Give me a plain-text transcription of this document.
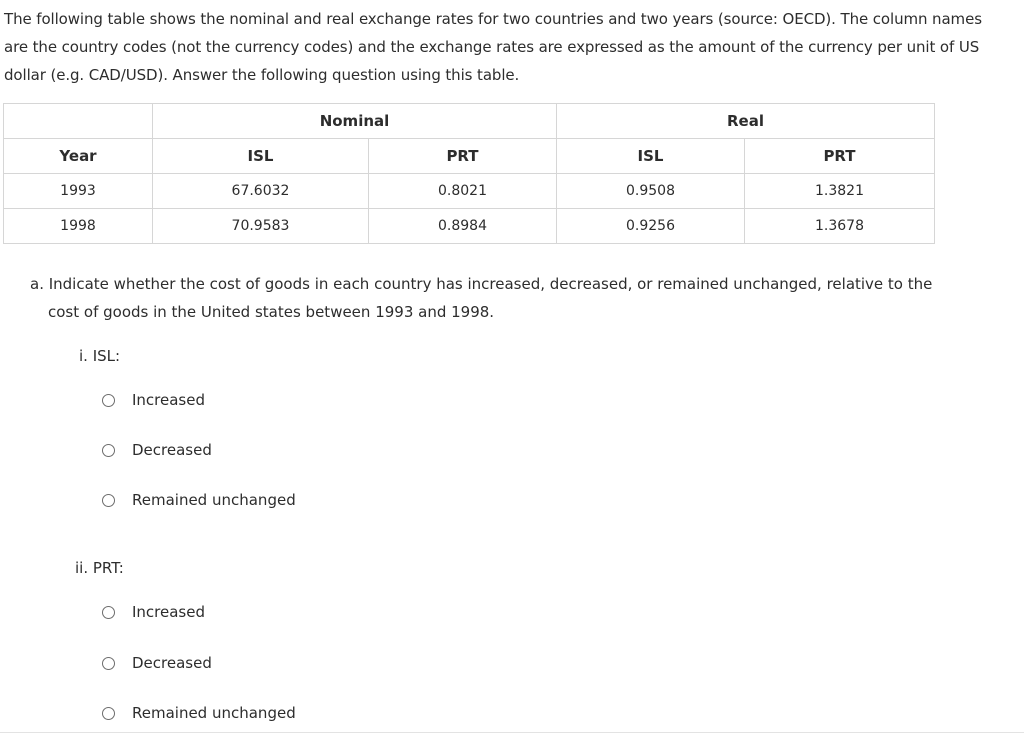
The following table shows the nominal and real exchange rates for two countries and two years (source: OECD). The column names are the country codes (not the currency codes) and the exchange rates are expressed as the amount of the currency per unit of US dollar (e.g. CAD/USD). Answer the following question using this table.
	Nominal		Real	
Year	ISL	PRT	ISL	PRT
1993	67.6032	0.8021	0.9508	1.3821
1998	70.9583	0.8984	0.9256	1.3678
a. Indicate whether the cost of goods in each country has increased, decreased, or remained unchanged, relative to the cost of goods in the United states between 1993 and 1998.
i. ISL:
Increased
Decreased
Remained unchanged
ii. PRT:
Increased
Decreased
Remained unchanged
